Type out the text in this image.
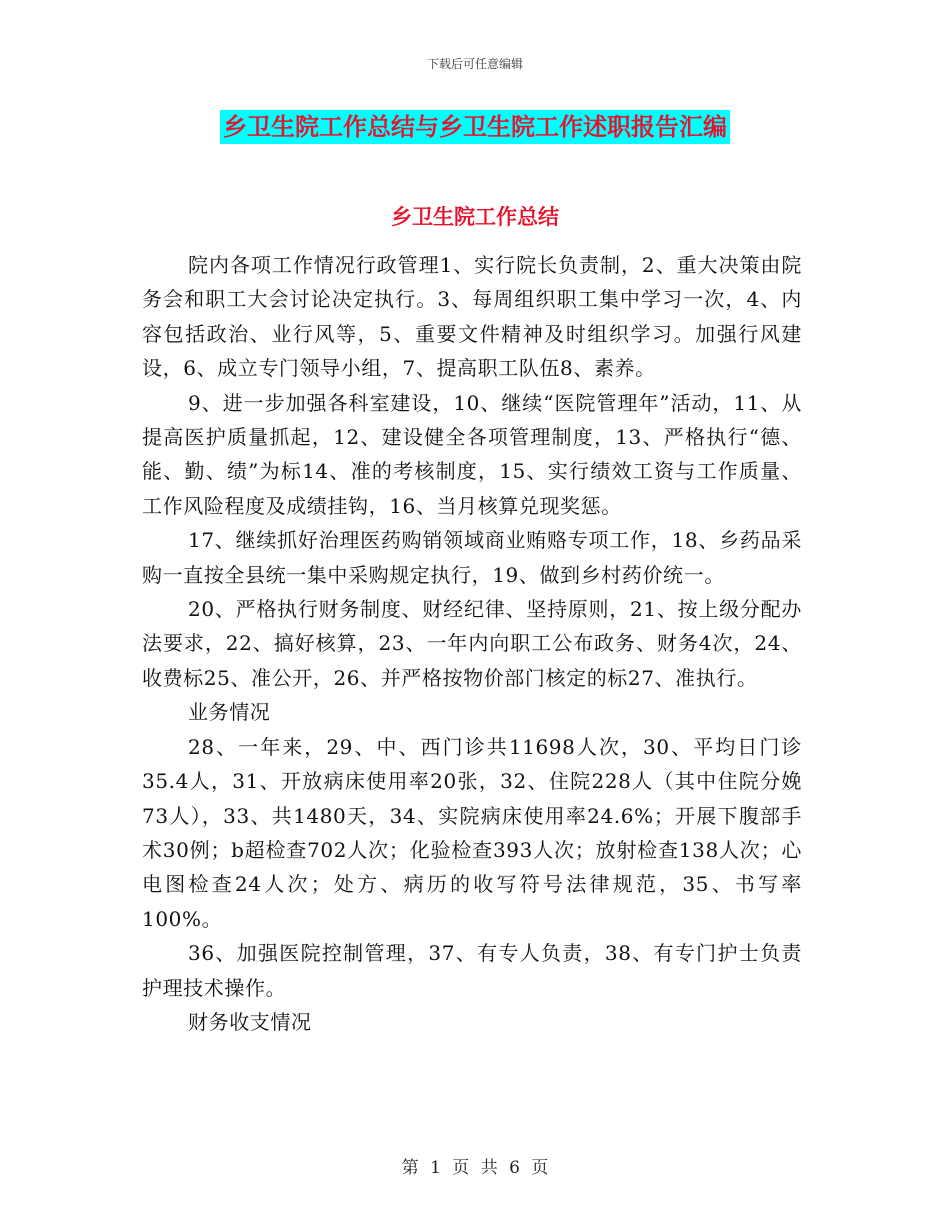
下载后可任意编辑
乡卫生院工作总结与乡卫生院工作述职报告汇编
乡卫生院工作总结

院内各项工作情况行政管理1、实行院长负责制，2、重大决策由院务会和职工大会讨论决定执行。3、每周组织职工集中学习一次，4、内容包括政治、业行风等，5、重要文件精神及时组织学习。加强行风建设，6、成立专门领导小组，7、提高职工队伍8、素养。

9、进一步加强各科室建设，10、继续“医院管理年”活动，11、从提高医护质量抓起，12、建设健全各项管理制度，13、严格执行“德、能、勤、绩”为标14、准的考核制度，15、实行绩效工资与工作质量、工作风险程度及成绩挂钩，16、当月核算兑现奖惩。

17、继续抓好治理医药购销领域商业贿赂专项工作，18、乡药品采购一直按全县统一集中采购规定执行，19、做到乡村药价统一。

20、严格执行财务制度、财经纪律、坚持原则，21、按上级分配办法要求，22、搞好核算，23、一年内向职工公布政务、财务4次，24、收费标25、准公开，26、并严格按物价部门核定的标27、准执行。

业务情况

28、一年来，29、中、西门诊共11698人次，30、平均日门诊35.4人，31、开放病床使用率20张，32、住院228人（其中住院分娩73人），33、共1480天，34、实院病床使用率24.6%；开展下腹部手术30例；b超检查702人次；化验检查393人次；放射检查138人次；心电图检查24人次；处方、病历的收写符号法律规范，35、书写率100%。

36、加强医院控制管理，37、有专人负责，38、有专门护士负责护理技术操作。

财务收支情况

第 1 页 共 6 页
